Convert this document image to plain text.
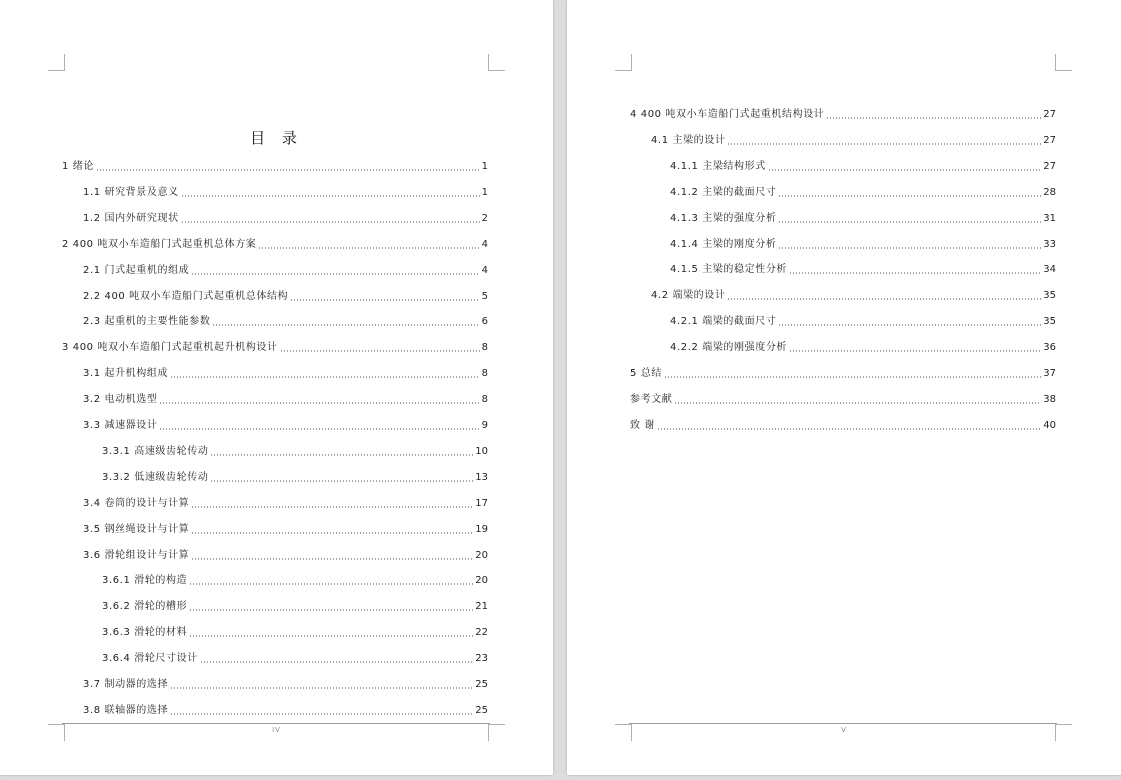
IV
目 录
1 绪论	1
1.1 研究背景及意义	1
1.2 国内外研究现状	2
2 400 吨双小车造船门式起重机总体方案	4
2.1 门式起重机的组成	4
2.2 400 吨双小车造船门式起重机总体结构	5
2.3 起重机的主要性能参数	6
3 400 吨双小车造船门式起重机起升机构设计	8
3.1 起升机构组成	8
3.2 电动机选型	8
3.3 减速器设计	9
3.3.1 高速级齿轮传动	10
3.3.2 低速级齿轮传动	13
3.4 卷筒的设计与计算	17
3.5 钢丝绳设计与计算	19
3.6 滑轮组设计与计算	20
3.6.1 滑轮的构造	20
3.6.2 滑轮的槽形	21
3.6.3 滑轮的材料	22
3.6.4 滑轮尺寸设计	23
3.7 制动器的选择	25
3.8 联轴器的选择	25
V
4 400 吨双小车造船门式起重机结构设计	27
4.1 主梁的设计	27
4.1.1 主梁结构形式	27
4.1.2 主梁的截面尺寸	28
4.1.3 主梁的强度分析	31
4.1.4 主梁的刚度分析	33
4.1.5 主梁的稳定性分析	34
4.2 端梁的设计	35
4.2.1 端梁的截面尺寸	35
4.2.2 端梁的刚强度分析	36
5 总结	37
参考文献	38
致 谢	40
